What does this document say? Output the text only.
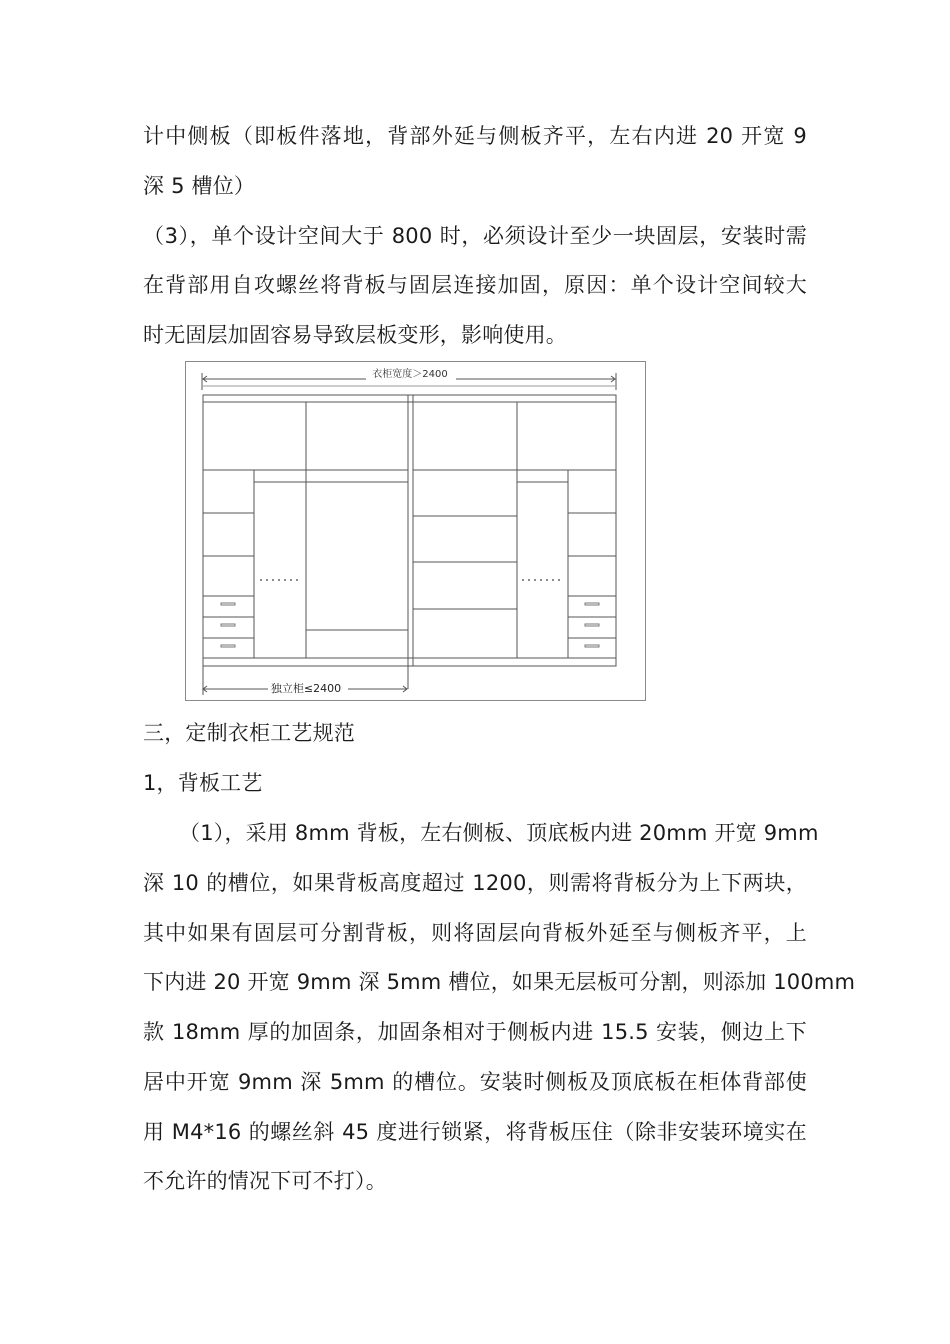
计中侧板（即板件落地，背部外延与侧板齐平，左右内进 20 开宽 9

深 5 槽位）

（3），单个设计空间大于 800 时，必须设计至少一块固层，安装时需

在背部用自攻螺丝将背板与固层连接加固，原因：单个设计空间较大

时无固层加固容易导致层板变形，影响使用。

衣柜宽度＞2400
独立柜≤2400

三，定制衣柜工艺规范

1，背板工艺

（1），采用 8mm 背板，左右侧板、顶底板内进 20mm 开宽 9mm

深 10 的槽位，如果背板高度超过 1200，则需将背板分为上下两块，

其中如果有固层可分割背板，则将固层向背板外延至与侧板齐平，上

下内进 20 开宽 9mm 深 5mm 槽位，如果无层板可分割，则添加 100mm

款 18mm 厚的加固条，加固条相对于侧板内进 15.5 安装，侧边上下

居中开宽 9mm 深 5mm 的槽位。安装时侧板及顶底板在柜体背部使

用 M4*16 的螺丝斜 45 度进行锁紧，将背板压住（除非安装环境实在

不允许的情况下可不打）。
